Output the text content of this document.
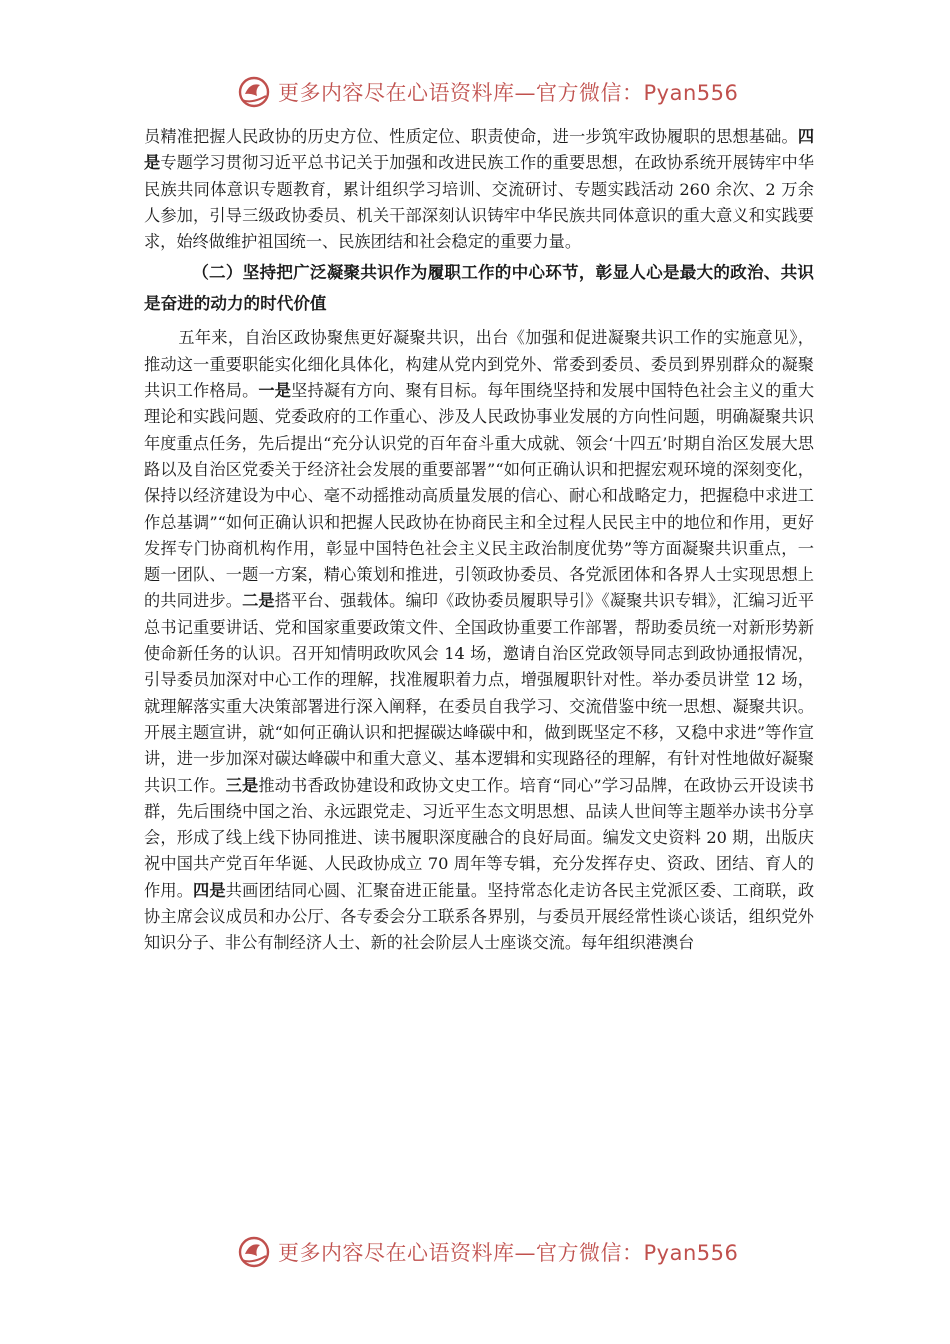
更多内容尽在心语资料库—官方微信：Pyan556

员精准把握人民政协的历史方位、性质定位、职责使命，进一步筑牢政协履职的思想基础。四是专题学习贯彻习近平总书记关于加强和改进民族工作的重要思想，在政协系统开展铸牢中华民族共同体意识专题教育，累计组织学习培训、交流研讨、专题实践活动 260 余次、2 万余人参加，引导三级政协委员、机关干部深刻认识铸牢中华民族共同体意识的重大意义和实践要求，始终做维护祖国统一、民族团结和社会稳定的重要力量。

（二）坚持把广泛凝聚共识作为履职工作的中心环节，彰显人心是最大的政治、共识是奋进的动力的时代价值

五年来，自治区政协聚焦更好凝聚共识，出台《加强和促进凝聚共识工作的实施意见》，推动这一重要职能实化细化具体化，构建从党内到党外、常委到委员、委员到界别群众的凝聚共识工作格局。一是坚持凝有方向、聚有目标。每年围绕坚持和发展中国特色社会主义的重大理论和实践问题、党委政府的工作重心、涉及人民政协事业发展的方向性问题，明确凝聚共识年度重点任务，先后提出“充分认识党的百年奋斗重大成就、领会‘十四五’时期自治区发展大思路以及自治区党委关于经济社会发展的重要部署”“如何正确认识和把握宏观环境的深刻变化，保持以经济建设为中心、毫不动摇推动高质量发展的信心、耐心和战略定力，把握稳中求进工作总基调”“如何正确认识和把握人民政协在协商民主和全过程人民民主中的地位和作用，更好发挥专门协商机构作用，彰显中国特色社会主义民主政治制度优势”等方面凝聚共识重点，一题一团队、一题一方案，精心策划和推进，引领政协委员、各党派团体和各界人士实现思想上的共同进步。二是搭平台、强载体。编印《政协委员履职导引》《凝聚共识专辑》，汇编习近平总书记重要讲话、党和国家重要政策文件、全国政协重要工作部署，帮助委员统一对新形势新使命新任务的认识。召开知情明政吹风会 14 场，邀请自治区党政领导同志到政协通报情况，引导委员加深对中心工作的理解，找准履职着力点，增强履职针对性。举办委员讲堂 12 场，就理解落实重大决策部署进行深入阐释，在委员自我学习、交流借鉴中统一思想、凝聚共识。开展主题宣讲，就“如何正确认识和把握碳达峰碳中和，做到既坚定不移，又稳中求进”等作宣讲，进一步加深对碳达峰碳中和重大意义、基本逻辑和实现路径的理解，有针对性地做好凝聚共识工作。三是推动书香政协建设和政协文史工作。培育“同心”学习品牌，在政协云开设读书群，先后围绕中国之治、永远跟党走、习近平生态文明思想、品读人世间等主题举办读书分享会，形成了线上线下协同推进、读书履职深度融合的良好局面。编发文史资料 20 期，出版庆祝中国共产党百年华诞、人民政协成立 70 周年等专辑，充分发挥存史、资政、团结、育人的作用。四是共画团结同心圆、汇聚奋进正能量。坚持常态化走访各民主党派区委、工商联，政协主席会议成员和办公厅、各专委会分工联系各界别，与委员开展经常性谈心谈话，组织党外知识分子、非公有制经济人士、新的社会阶层人士座谈交流。每年组织港澳台

更多内容尽在心语资料库—官方微信：Pyan556
